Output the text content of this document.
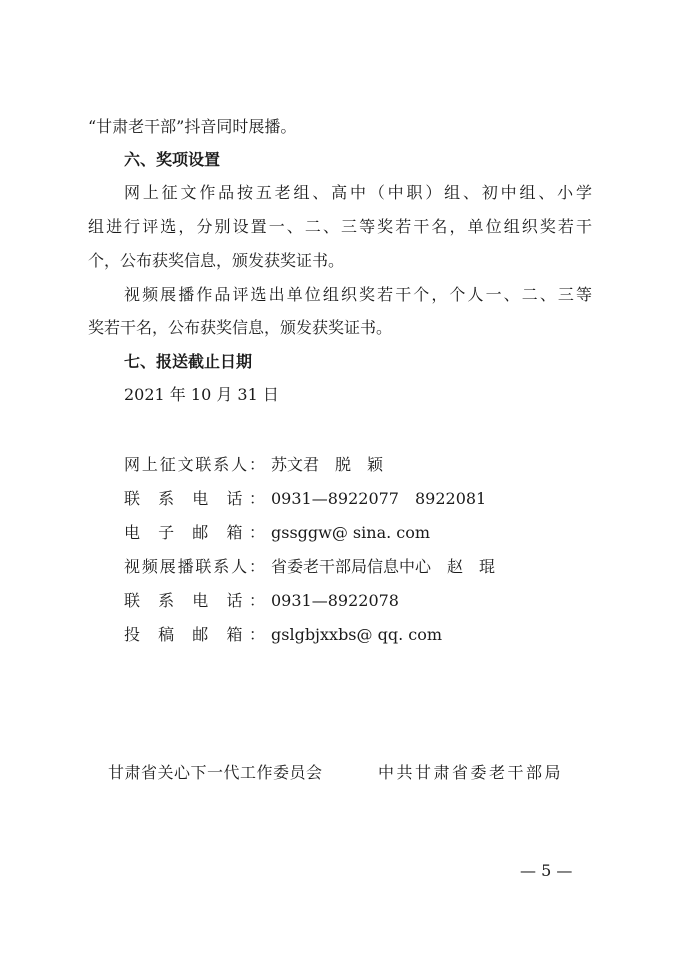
“甘肃老干部”抖音同时展播。
六、奖项设置
网上征文作品按五老组、高中（中职）组、初中组、小学
组进行评选，分别设置一、二、三等奖若干名，单位组织奖若干
个，公布获奖信息，颁发获奖证书。
视频展播作品评选出单位组织奖若干个，个人一、二、三等
奖若干名，公布获奖信息，颁发获奖证书。
七、报送截止日期
2021 年 10 月 31 日
网上征文联系人： 苏文君　脱　颖
联 系 电 话： 0931—8922077　8922081
电 子 邮 箱： gssggw@ sina. com
视频展播联系人： 省委老干部局信息中心　赵　琨
联 系 电 话： 0931—8922078
投 稿 邮 箱： gslgbjxxbs@ qq. com
甘肃省关心下一代工作委员会	中共甘肃省委老干部局
— 5 —
